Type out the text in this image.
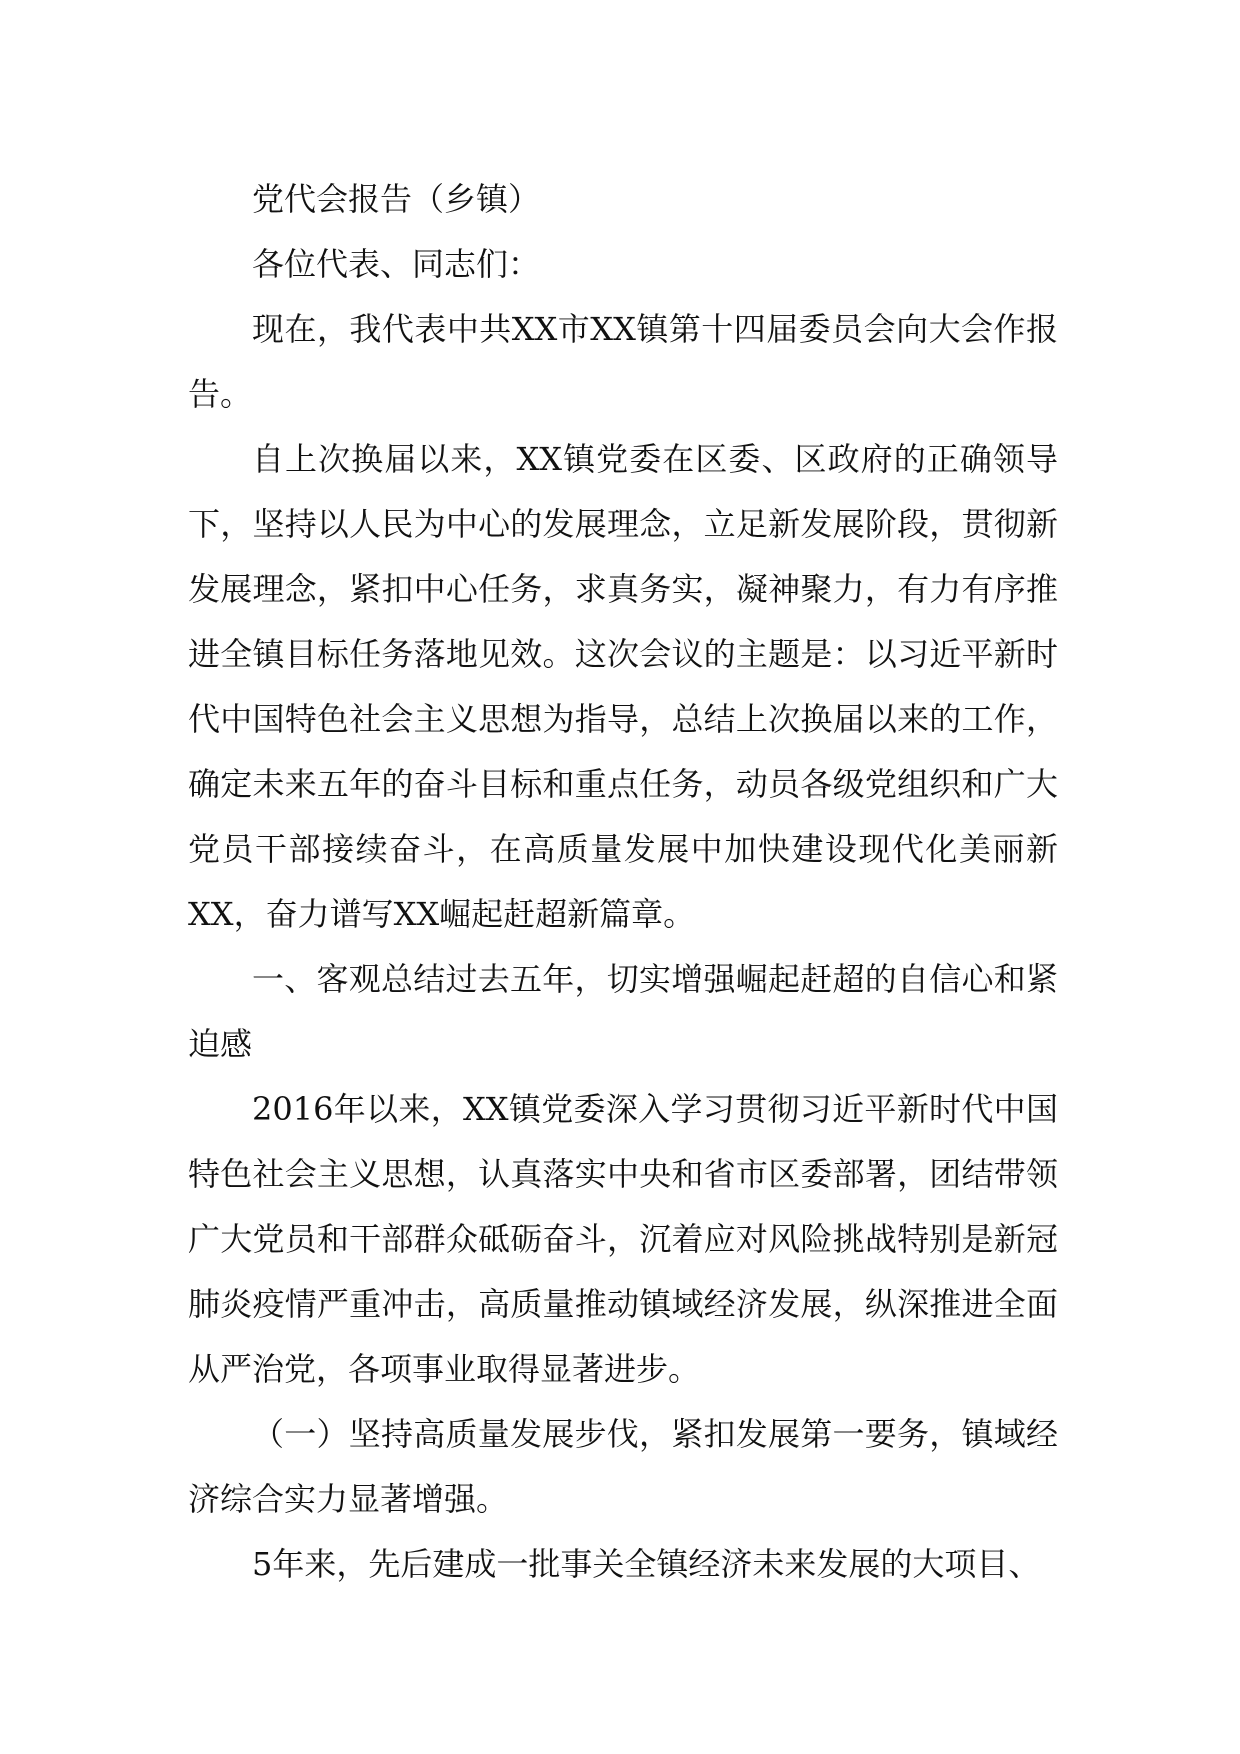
党代会报告（乡镇）

各位代表、同志们：

现在，我代表中共XX市XX镇第十四届委员会向大会作报告。

自上次换届以来，XX镇党委在区委、区政府的正确领导下，坚持以人民为中心的发展理念，立足新发展阶段，贯彻新发展理念，紧扣中心任务，求真务实，凝神聚力，有力有序推进全镇目标任务落地见效。这次会议的主题是：以习近平新时代中国特色社会主义思想为指导，总结上次换届以来的工作，确定未来五年的奋斗目标和重点任务，动员各级党组织和广大党员干部接续奋斗，在高质量发展中加快建设现代化美丽新XX，奋力谱写XX崛起赶超新篇章。

一、客观总结过去五年，切实增强崛起赶超的自信心和紧迫感

2016年以来，XX镇党委深入学习贯彻习近平新时代中国特色社会主义思想，认真落实中央和省市区委部署，团结带领广大党员和干部群众砥砺奋斗，沉着应对风险挑战特别是新冠肺炎疫情严重冲击，高质量推动镇域经济发展，纵深推进全面从严治党，各项事业取得显著进步。

（一）坚持高质量发展步伐，紧扣发展第一要务，镇域经济综合实力显著增强。

5年来，先后建成一批事关全镇经济未来发展的大项目、
